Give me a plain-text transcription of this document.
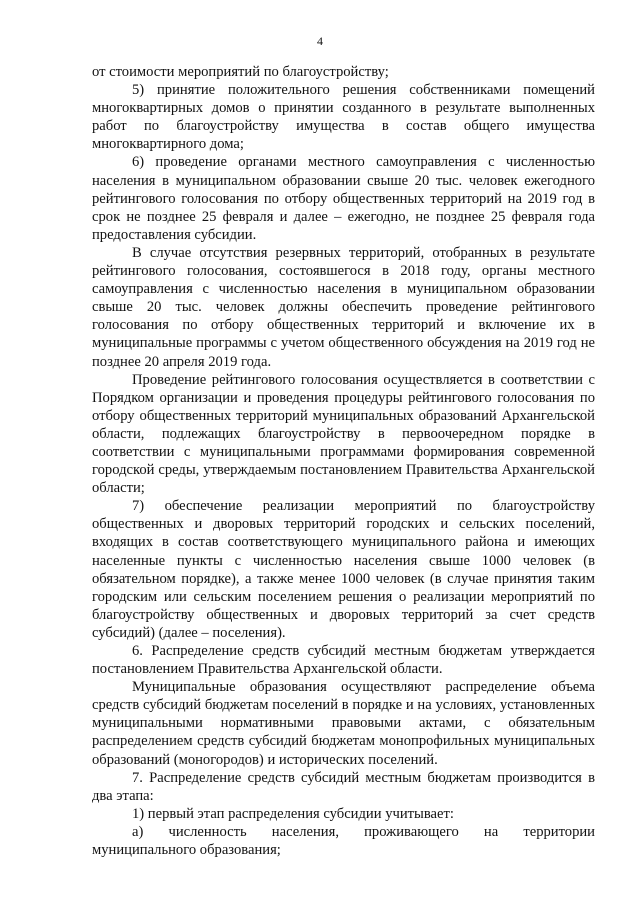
4

от стоимости мероприятий по благоустройству;

5) принятие положительного решения собственниками помещений многоквартирных домов о принятии созданного в результате выполненных работ по благоустройству имущества в состав общего имущества многоквартирного дома;

6) проведение органами местного самоуправления с численностью населения в муниципальном образовании свыше 20 тыс. человек ежегодного рейтингового голосования по отбору общественных территорий на 2019 год в срок не позднее 25 февраля и далее – ежегодно, не позднее 25 февраля года предоставления субсидии.

В случае отсутствия резервных территорий, отобранных в результате рейтингового голосования, состоявшегося в 2018 году, органы местного самоуправления с численностью населения в муниципальном образовании свыше 20 тыс. человек должны обеспечить проведение рейтингового голосования по отбору общественных территорий и включение их в муниципальные программы с учетом общественного обсуждения на 2019 год не позднее 20 апреля 2019 года.

Проведение рейтингового голосования осуществляется в соответствии с Порядком организации и проведения процедуры рейтингового голосования по отбору общественных территорий муниципальных образований Архангельской области, подлежащих благоустройству в первоочередном порядке в соответствии с муниципальными программами формирования современной городской среды, утверждаемым постановлением Правительства Архангельской области;

7) обеспечение реализации мероприятий по благоустройству общественных и дворовых территорий городских и сельских поселений, входящих в состав соответствующего муниципального района и имеющих населенные пункты с численностью населения свыше 1000 человек (в обязательном порядке), а также менее 1000 человек (в случае принятия таким городским или сельским поселением решения о реализации мероприятий по благоустройству общественных и дворовых территорий за счет средств субсидий) (далее – поселения).

6. Распределение средств субсидий местным бюджетам утверждается постановлением Правительства Архангельской области.

Муниципальные образования осуществляют распределение объема средств субсидий бюджетам поселений в порядке и на условиях, установленных муниципальными нормативными правовыми актами, с обязательным распределением средств субсидий бюджетам монопрофильных муниципальных образований (моногородов) и исторических поселений.

7. Распределение средств субсидий местным бюджетам производится в два этапа:

1) первый этап распределения субсидии учитывает:

а) численность населения, проживающего на территории муниципального образования;
